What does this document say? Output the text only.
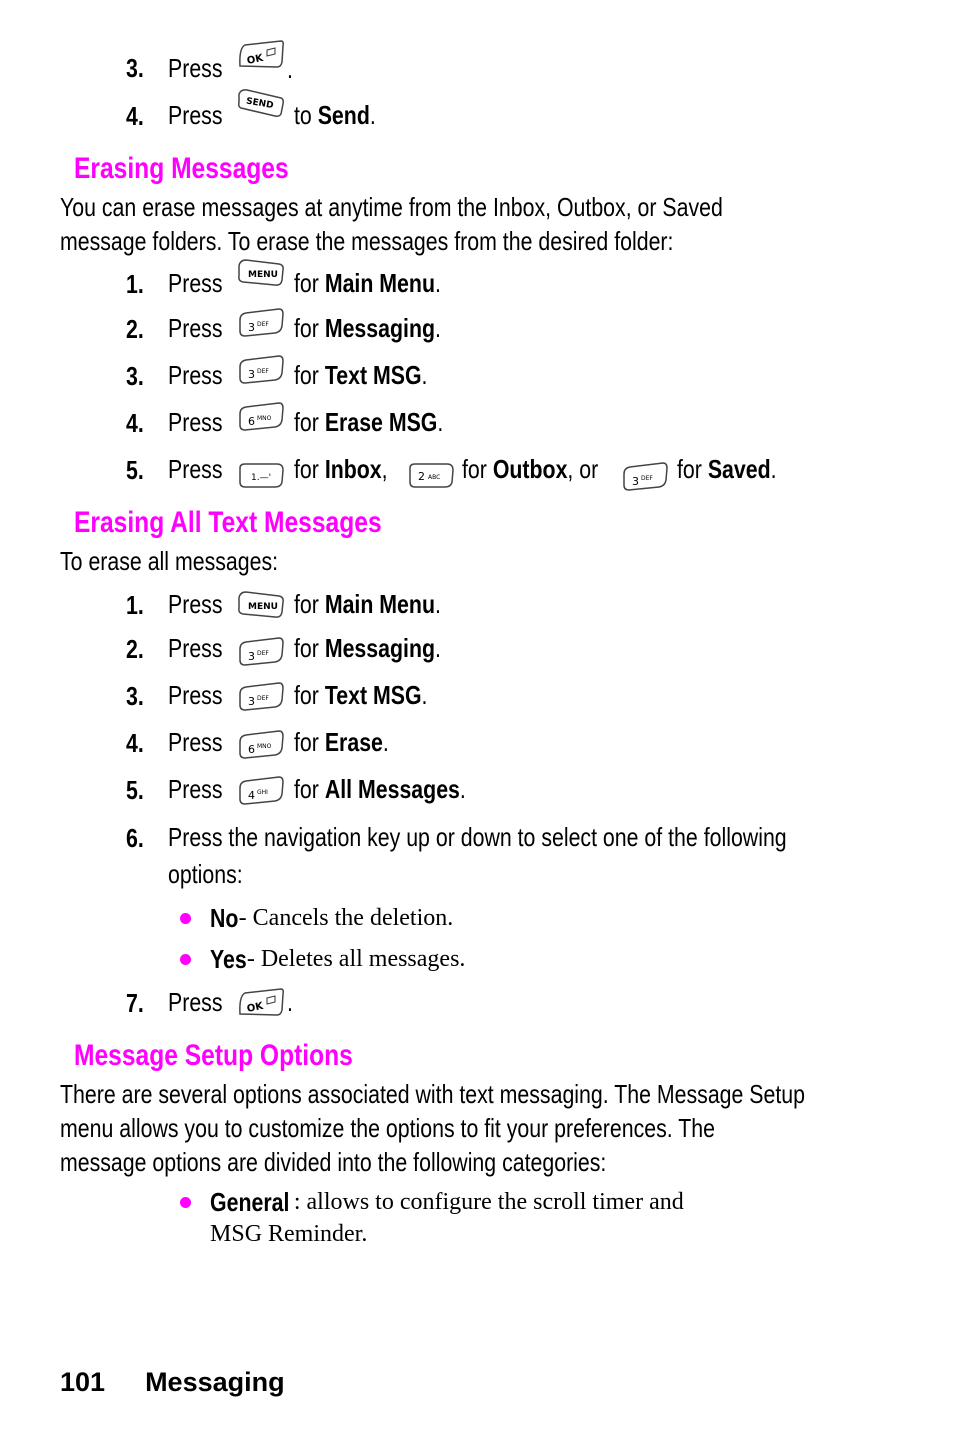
3. Press OK .
4. Press	SEND to Send.
Erasing Messages
You can erase messages at anytime from the Inbox, Outbox, or Saved
message folders. To erase the messages from the desired folder:
1. Press	MENU for Main Menu.
2. Press 3 DEF for Messaging.
3. Press 3 DEF for Text MSG.
4. Press 6 MNO for Erase MSG.
5. Press	1.—' for Inbox,	2 ABC for Outbox, or	3 DEF for Saved.
Erasing All Text Messages
To erase all messages:
1. Press	MENU for Main Menu.
2. Press 3 DEF for Messaging.
3. Press 3 DEF for Text MSG.
4. Press 6 MNO for Erase.
5. Press 4 GHI for All Messages.
6. Press the navigation key up or down to select one of the following
options:
No - Cancels the deletion.
Yes - Deletes all messages.
7. Press OK .
Message Setup Options
There are several options associated with text messaging. The Message Setup
menu allows you to customize the options to fit your preferences. The
message options are divided into the following categories:
General : allows to configure the scroll timer and
MSG Reminder.
101 Messaging
